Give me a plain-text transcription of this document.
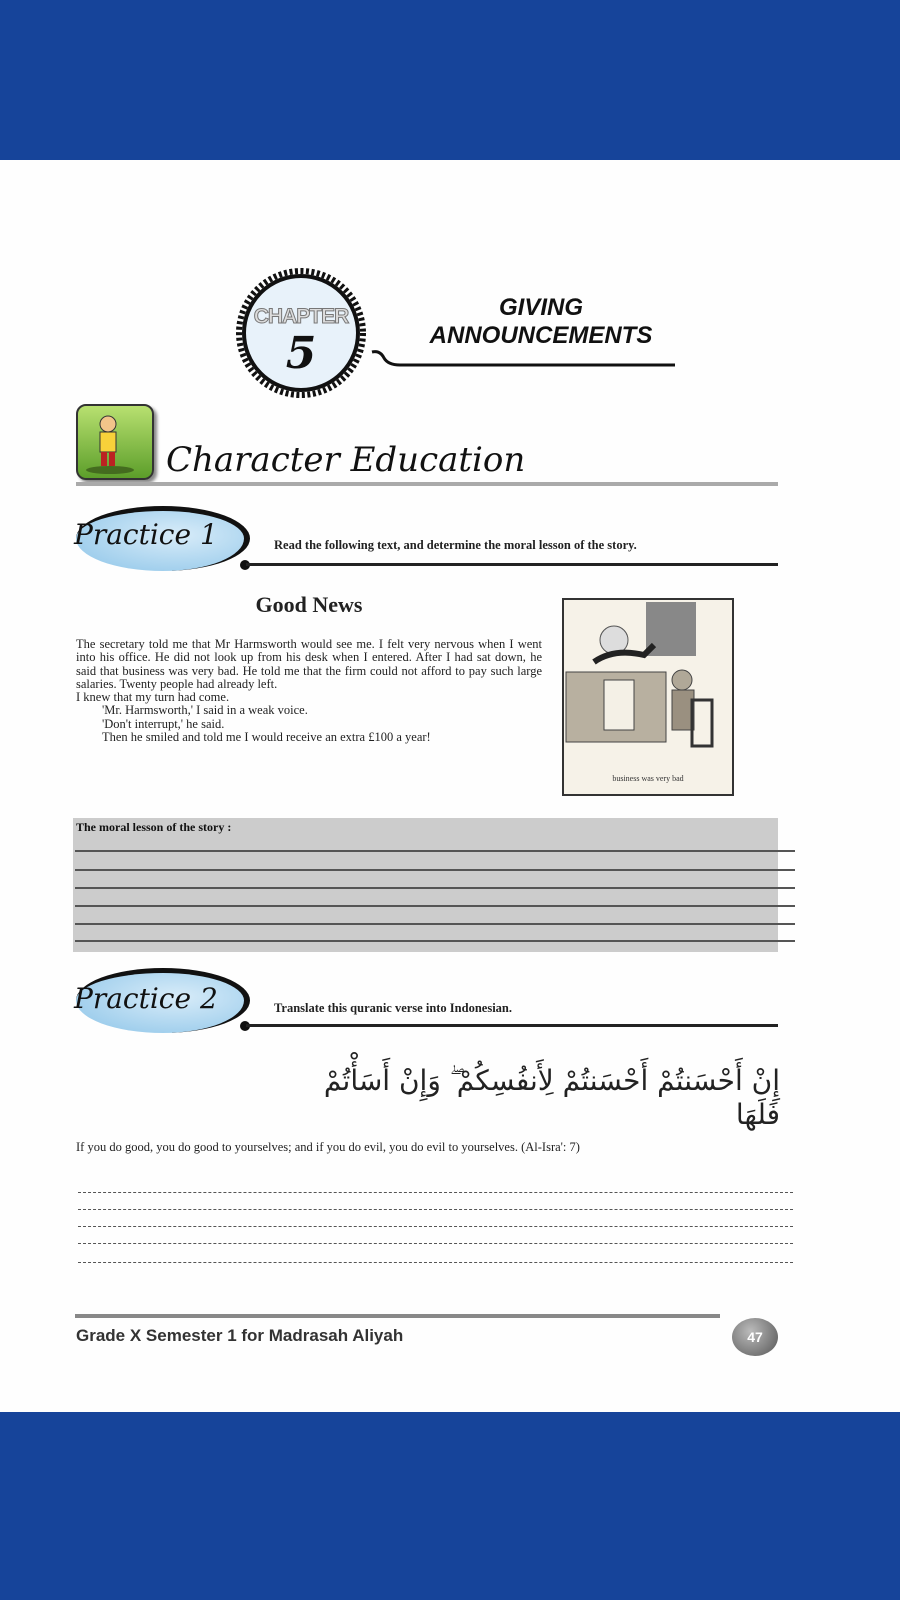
CHAPTER
5
GIVING
ANNOUNCEMENTS
Character Education
Practice 1	Read the following text, and determine the moral lesson of the story.
Good News

The secretary told me that Mr Harmsworth would see me. I felt very nervous when I went into his office. He did not look up from his desk when I entered. After I had sat down, he said that business was very bad. He told me that the firm could not afford to pay such large salaries. Twenty people had already left.

I knew that my turn had come.

'Mr. Harmsworth,' I said in a weak voice.

'Don't interrupt,' he said.

Then he smiled and told me I would receive an extra £100 a year!

business was very bad
The moral lesson of the story :
Practice 2	Translate this quranic verse into Indonesian.
إِنْ أَحْسَنتُمْ أَحْسَنتُمْ لِأَنفُسِكُمْ ۖ وَإِنْ أَسَأْتُمْ فَلَهَا
If you do good, you do good to yourselves; and if you do evil, you do evil to yourselves. (Al-Isra': 7)
Grade X Semester 1 for Madrasah Aliyah	47
